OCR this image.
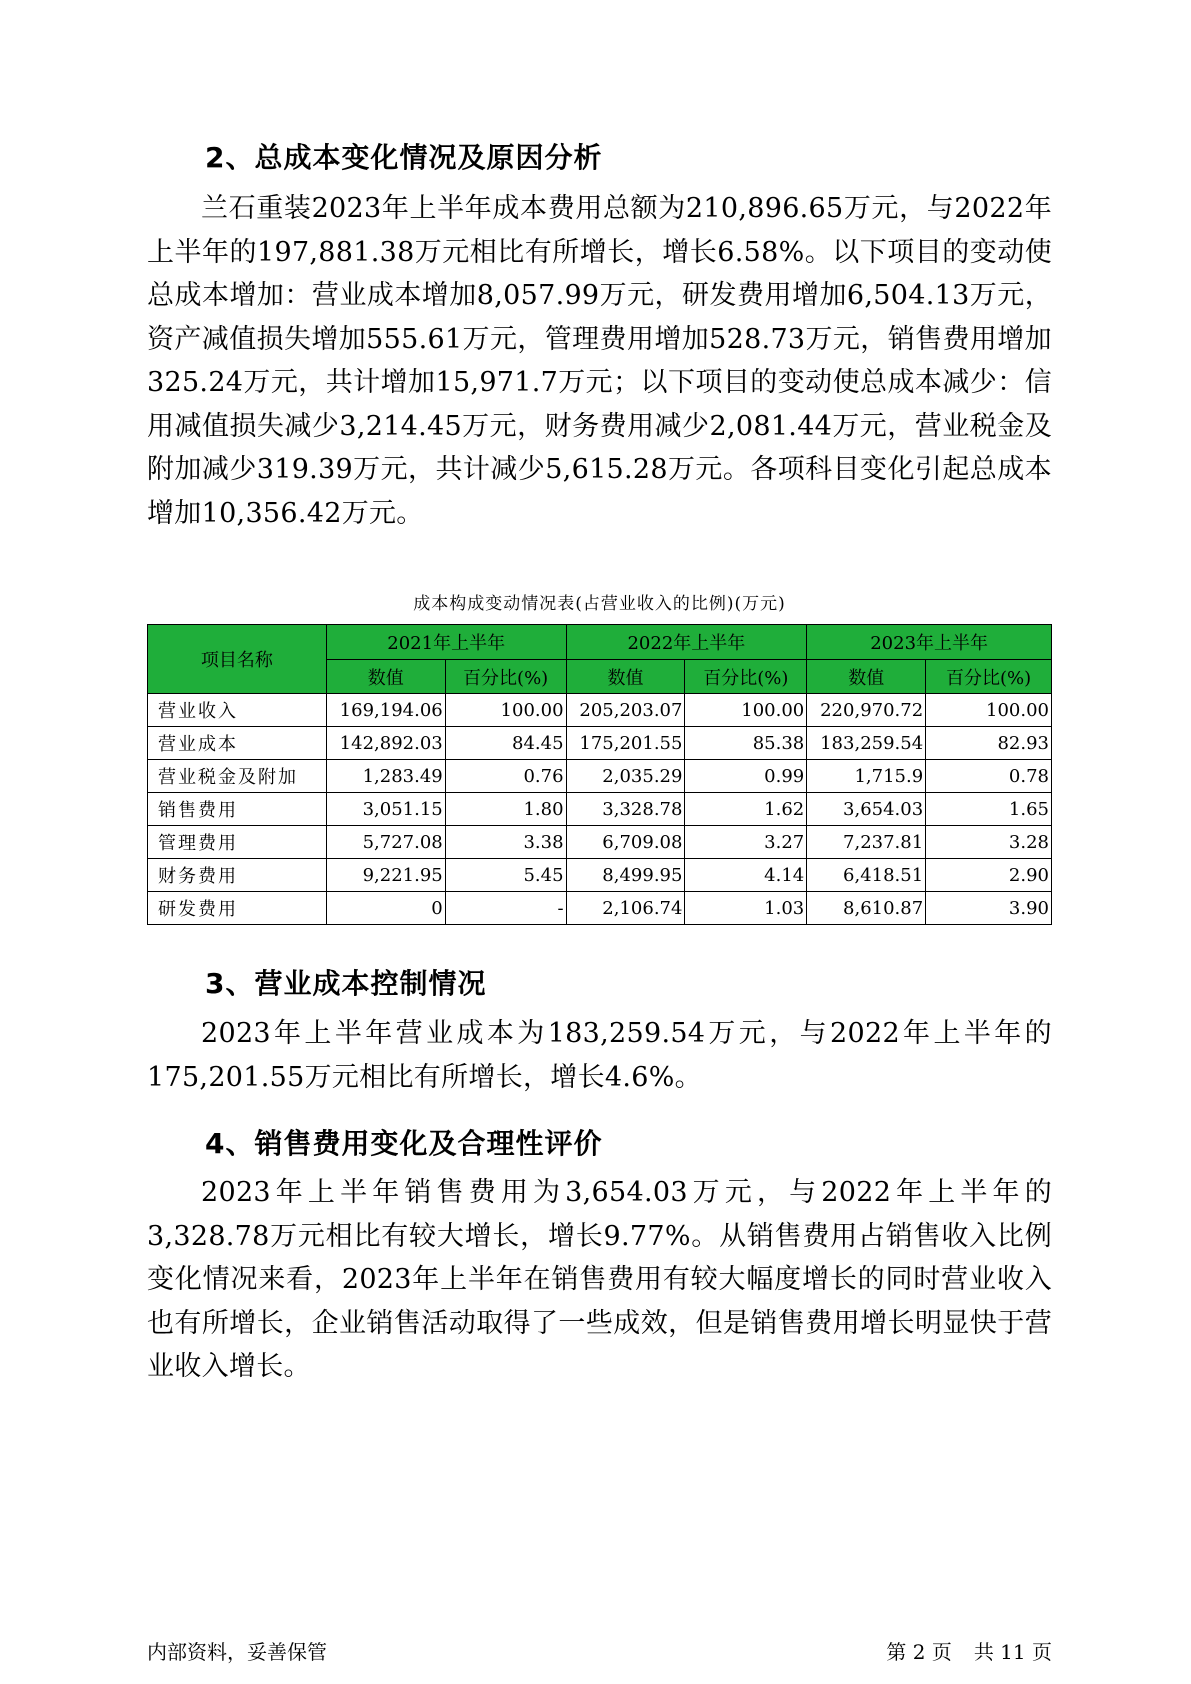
2、总成本变化情况及原因分析

兰石重装2023年上半年成本费用总额为210,896.65万元，与2022年上半年的197,881.38万元相比有所增长，增长6.58%。以下项目的变动使总成本增加：营业成本增加8,057.99万元，研发费用增加6,504.13万元，资产减值损失增加555.61万元，管理费用增加528.73万元，销售费用增加325.24万元，共计增加15,971.7万元；以下项目的变动使总成本减少：信用减值损失减少3,214.45万元，财务费用减少2,081.44万元，营业税金及附加减少319.39万元，共计减少5,615.28万元。各项科目变化引起总成本增加10,356.42万元。

成本构成变动情况表(占营业收入的比例)(万元)
项目名称	2021年上半年		2022年上半年		2023年上半年	
	数值	百分比(%)	数值	百分比(%)	数值	百分比(%)
营业收入	169,194.06	100.00	205,203.07	100.00	220,970.72	100.00
营业成本	142,892.03	84.45	175,201.55	85.38	183,259.54	82.93
营业税金及附加	1,283.49	0.76	2,035.29	0.99	1,715.9	0.78
销售费用	3,051.15	1.80	3,328.78	1.62	3,654.03	1.65
管理费用	5,727.08	3.38	6,709.08	3.27	7,237.81	3.28
财务费用	9,221.95	5.45	8,499.95	4.14	6,418.51	2.90
研发费用	0	-	2,106.74	1.03	8,610.87	3.90
3、营业成本控制情况

2023年上半年营业成本为183,259.54万元，与2022年上半年的175,201.55万元相比有所增长，增长4.6%。

4、销售费用变化及合理性评价

2023年上半年销售费用为3,654.03万元，与2022年上半年的3,328.78万元相比有较大增长，增长9.77%。从销售费用占销售收入比例变化情况来看，2023年上半年在销售费用有较大幅度增长的同时营业收入也有所增长，企业销售活动取得了一些成效，但是销售费用增长明显快于营业收入增长。

内部资料，妥善保管	第 2 页 共 11 页
